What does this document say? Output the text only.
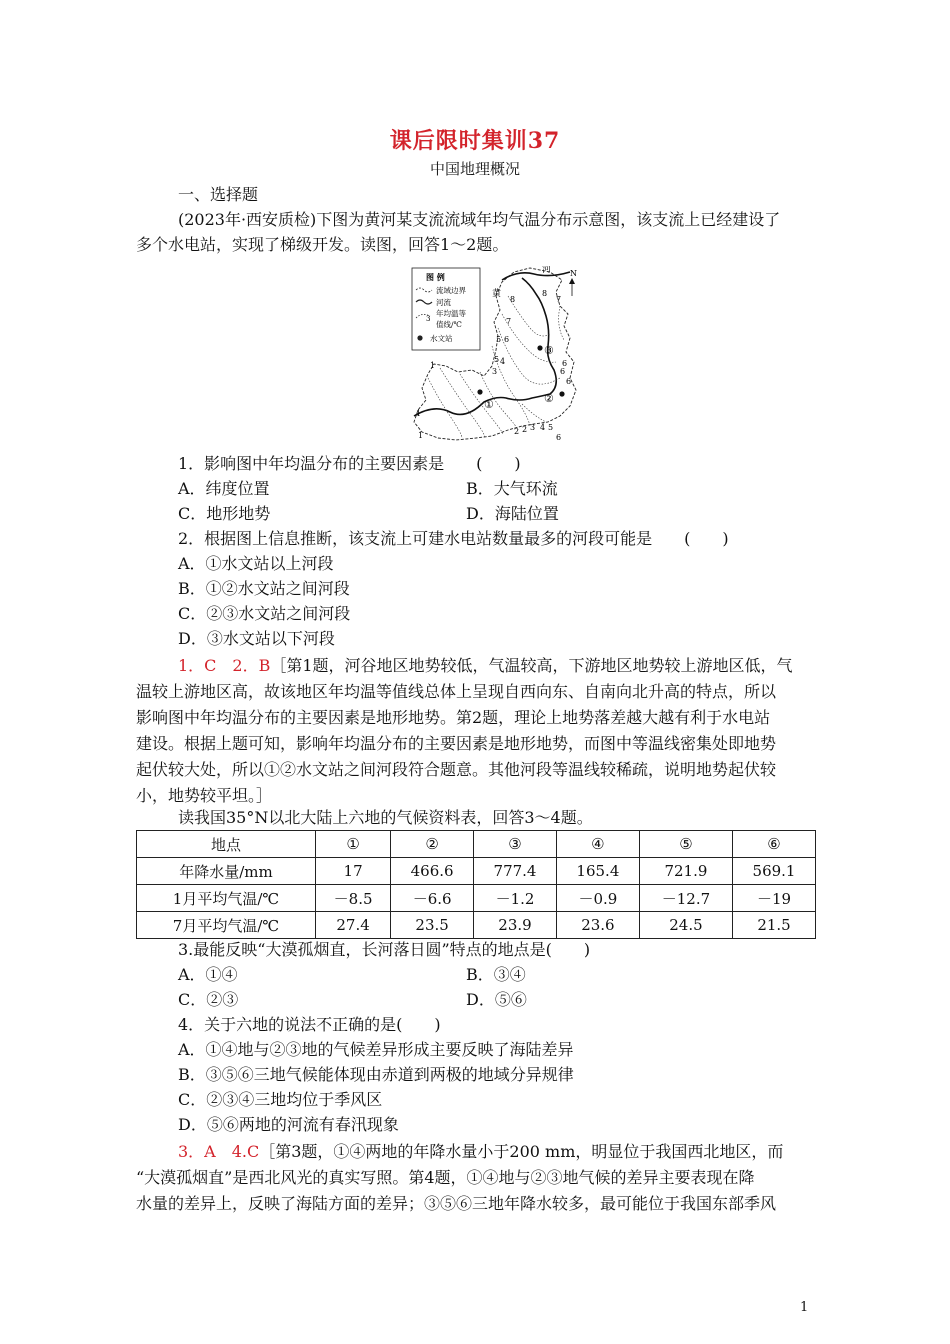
课后限时集训37
中国地理概况
一、选择题
(2023年·西安质检)下图为黄河某支流流域年均气温分布示意图，该支流上已经建设了
多个水电站，实现了梯级开发。读图，回答1～2题。
图 例
流域边界
河流
3
年均温等
值线/℃
水文站
8
8
7
7
6
6
5
5 4
4
3
3
2 2
1
1
1
6
6
6
5
河
黄
N
①	②
③
1．影响图中年均温分布的主要因素是　　(　　)
A．纬度位置	B．大气环流
C．地形地势	D．海陆位置
2．根据图上信息推断，该支流上可建水电站数量最多的河段可能是　　(　　)
A．①水文站以上河段
B．①②水文站之间河段
C．②③水文站之间河段
D．③水文站以下河段
1．C　2．B［第1题，河谷地区地势较低，气温较高，下游地区地势较上游地区低，气
温较上游地区高，故该地区年均温等值线总体上呈现自西向东、自南向北升高的特点，所以
影响图中年均温分布的主要因素是地形地势。第2题，理论上地势落差越大越有利于水电站
建设。根据上题可知，影响年均温分布的主要因素是地形地势，而图中等温线密集处即地势
起伏较大处，所以①②水文站之间河段符合题意。其他河段等温线较稀疏，说明地势起伏较
小，地势较平坦。］
读我国35°N以北大陆上六地的气候资料表，回答3～4题。
地点	①	②	③	④	⑤	⑥
年降水量/mm	17	466.6	777.4	165.4	721.9	569.1
1月平均气温/℃	－8.5	－6.6	－1.2	－0.9	－12.7	－19
7月平均气温/℃	27.4	23.5	23.9	23.6	24.5	21.5
3.最能反映“大漠孤烟直，长河落日圆”特点的地点是(　　)
A．①④	B．③④
C．②③	D．⑤⑥
4．关于六地的说法不正确的是(　　)
A．①④地与②③地的气候差异形成主要反映了海陆差异
B．③⑤⑥三地气候能体现由赤道到两极的地域分异规律
C．②③④三地均位于季风区
D．⑤⑥两地的河流有春汛现象
3．A　4.C［第3题，①④两地的年降水量小于200 mm，明显位于我国西北地区，而
“大漠孤烟直”是西北风光的真实写照。第4题，①④地与②③地气候的差异主要表现在降
水量的差异上，反映了海陆方面的差异；③⑤⑥三地年降水较多，最可能位于我国东部季风
1
